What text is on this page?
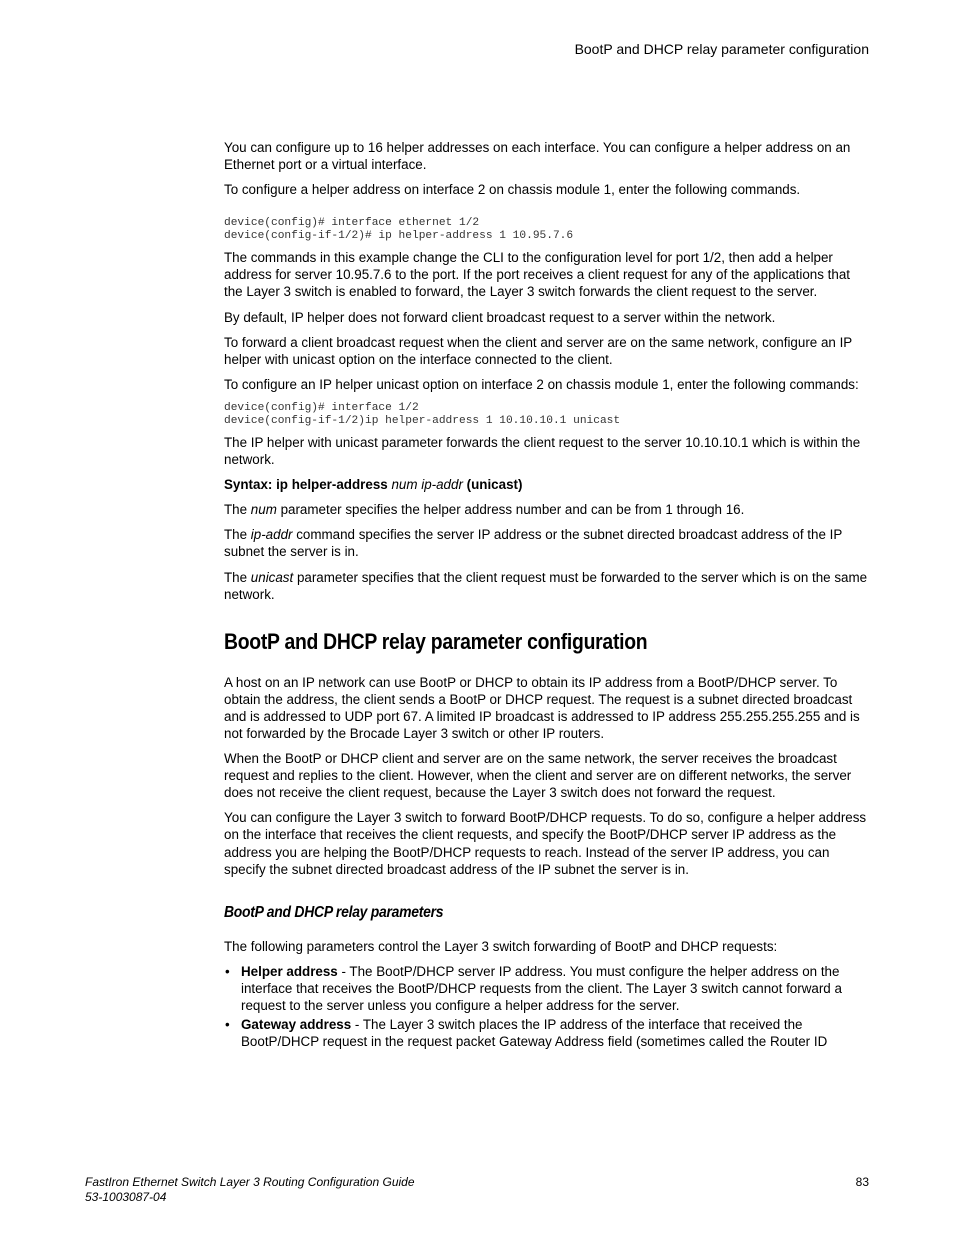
BootP and DHCP relay parameter configuration

You can configure up to 16 helper addresses on each interface. You can configure a helper address on an Ethernet port or a virtual interface.

To configure a helper address on interface 2 on chassis module 1, enter the following commands.

device(config)# interface ethernet 1/2
device(config-if-1/2)# ip helper-address 1 10.95.7.6

The commands in this example change the CLI to the configuration level for port 1/2, then add a helper address for server 10.95.7.6 to the port. If the port receives a client request for any of the applications that the Layer 3 switch is enabled to forward, the Layer 3 switch forwards the client request to the server.

By default, IP helper does not forward client broadcast request to a server within the network.

To forward a client broadcast request when the client and server are on the same network, configure an IP helper with unicast option on the interface connected to the client.

To configure an IP helper unicast option on interface 2 on chassis module 1, enter the following commands:

device(config)# interface 1/2
device(config-if-1/2)ip helper-address 1 10.10.10.1 unicast

The IP helper with unicast parameter forwards the client request to the server 10.10.10.1 which is within the network.

Syntax: ip helper-address num ip-addr (unicast)

The num parameter specifies the helper address number and can be from 1 through 16.

The ip-addr command specifies the server IP address or the subnet directed broadcast address of the IP subnet the server is in.

The unicast parameter specifies that the client request must be forwarded to the server which is on the same network.

BootP and DHCP relay parameter configuration

A host on an IP network can use BootP or DHCP to obtain its IP address from a BootP/DHCP server. To obtain the address, the client sends a BootP or DHCP request. The request is a subnet directed broadcast and is addressed to UDP port 67. A limited IP broadcast is addressed to IP address 255.255.255.255 and is not forwarded by the Brocade Layer 3 switch or other IP routers.

When the BootP or DHCP client and server are on the same network, the server receives the broadcast request and replies to the client. However, when the client and server are on different networks, the server does not receive the client request, because the Layer 3 switch does not forward the request.

You can configure the Layer 3 switch to forward BootP/DHCP requests. To do so, configure a helper address on the interface that receives the client requests, and specify the BootP/DHCP server IP address as the address you are helping the BootP/DHCP requests to reach. Instead of the server IP address, you can specify the subnet directed broadcast address of the IP subnet the server is in.

BootP and DHCP relay parameters

The following parameters control the Layer 3 switch forwarding of BootP and DHCP requests:

• Helper address - The BootP/DHCP server IP address. You must configure the helper address on the interface that receives the BootP/DHCP requests from the client. The Layer 3 switch cannot forward a request to the server unless you configure a helper address for the server.
• Gateway address - The Layer 3 switch places the IP address of the interface that received the BootP/DHCP request in the request packet Gateway Address field (sometimes called the Router ID
FastIron Ethernet Switch Layer 3 Routing Configuration Guide
53-1003087-04
83
